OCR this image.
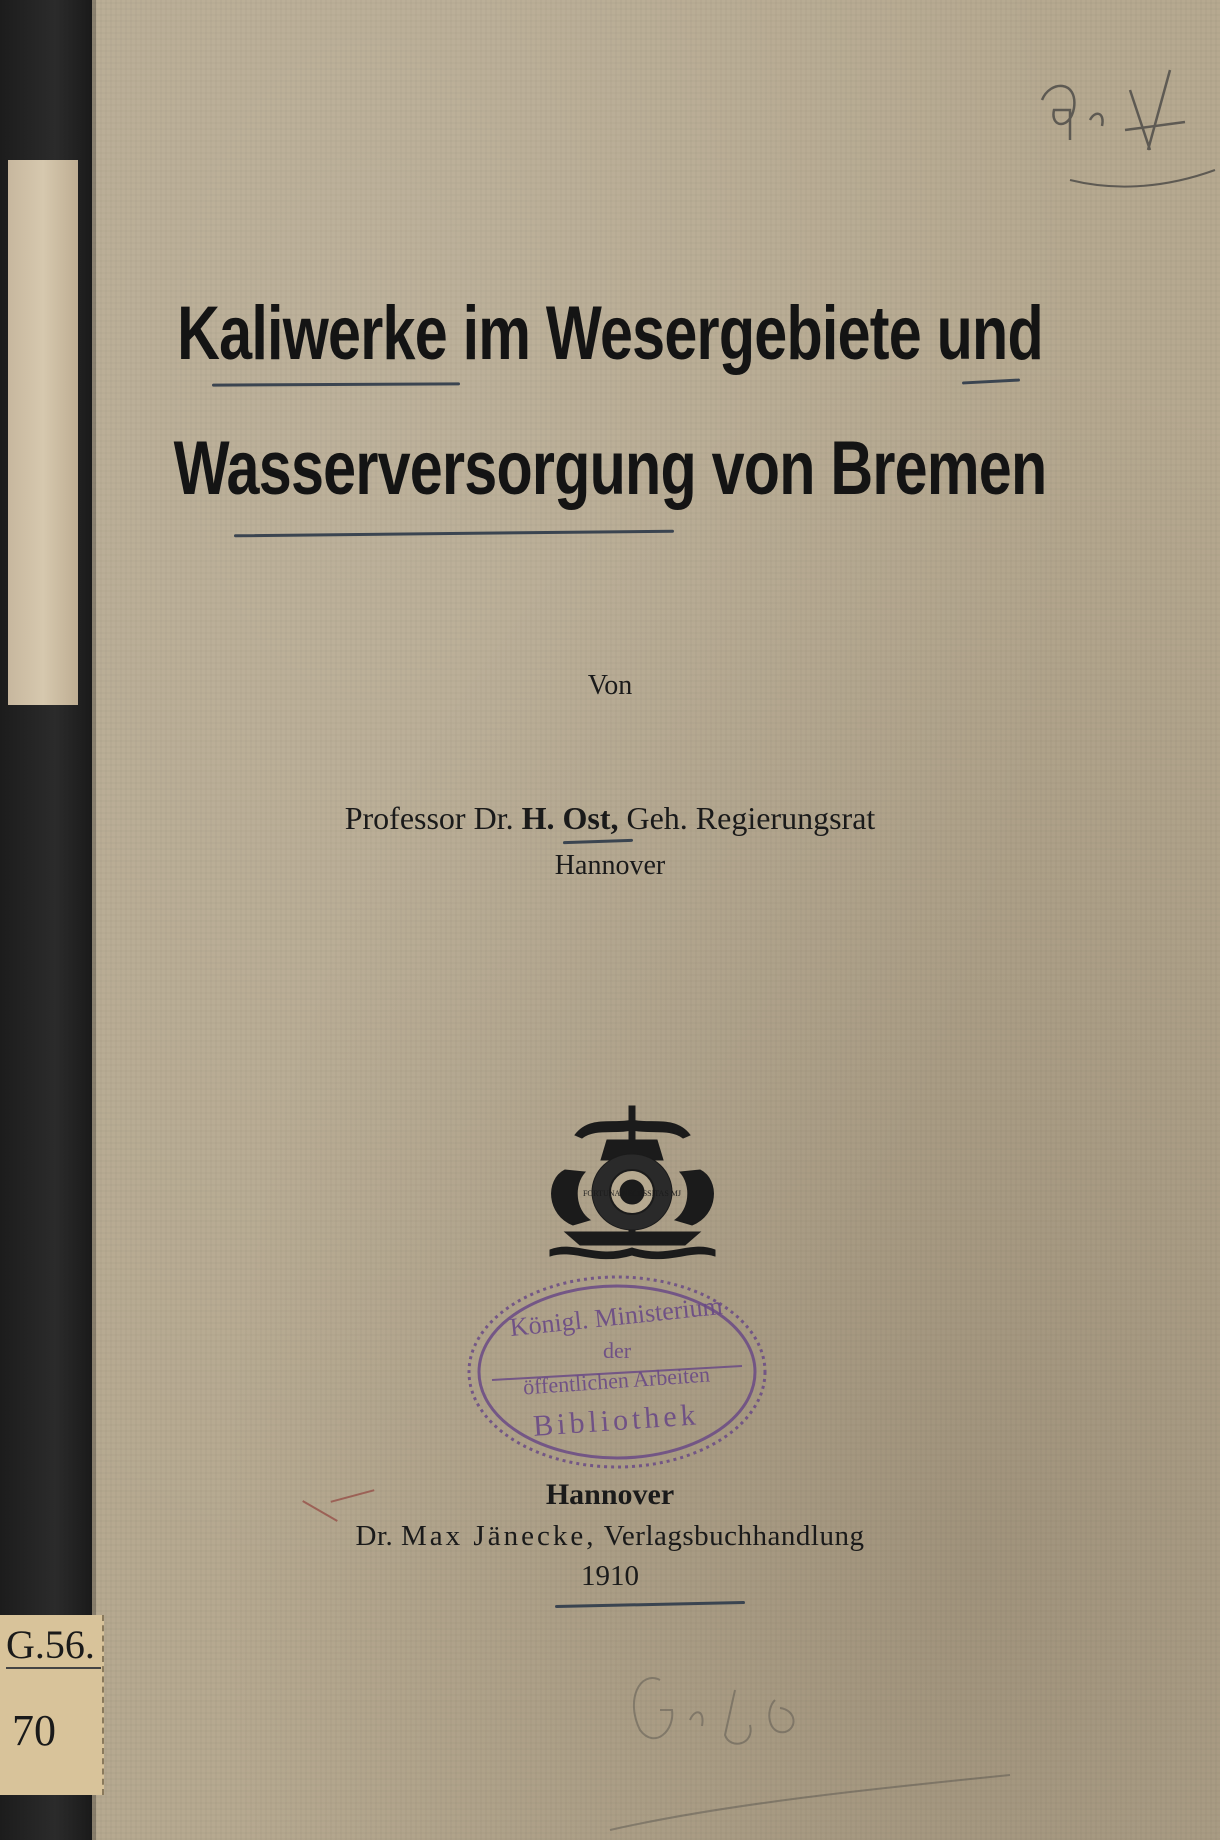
Kaliwerke im Wesergebiete und
Wasserversorgung von Bremen
Von
Professor Dr. H. Ost, Geh. Regierungsrat
Hannover
FORTUNA NECESSITAS MJ
Königl. Ministerium
der
öffentlichen Arbeiten
Bibliothek
Hannover
Dr. Max Jänecke, Verlagsbuchhandlung
1910
Gr. 4
Gr. 56
G.56.
70
